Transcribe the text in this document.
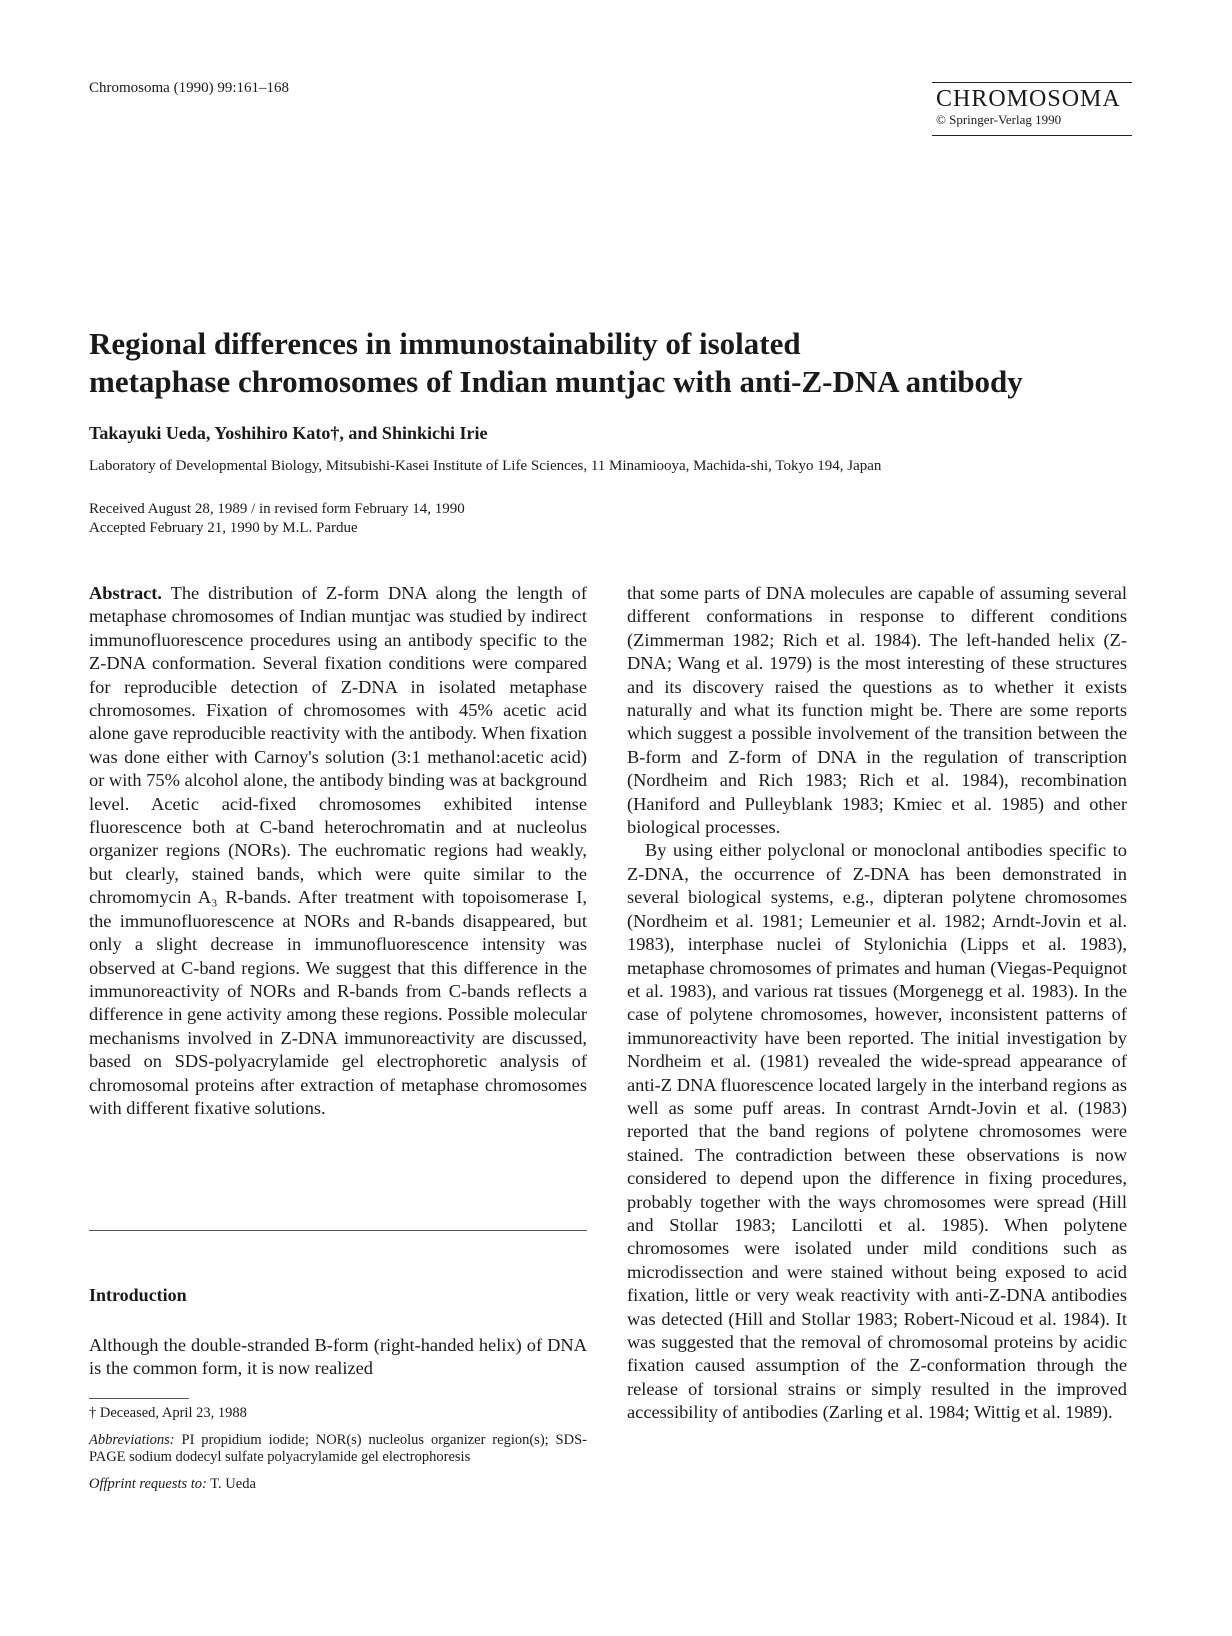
Chromosoma (1990) 99:161–168	CHROMOSOMA
© Springer-Verlag 1990
Regional differences in immunostainability of isolated
metaphase chromosomes of Indian muntjac with anti-Z-DNA antibody
Takayuki Ueda, Yoshihiro Kato†, and Shinkichi Irie
Laboratory of Developmental Biology, Mitsubishi-Kasei Institute of Life Sciences, 11 Minamiooya, Machida-shi, Tokyo 194, Japan
Received August 28, 1989 / in revised form February 14, 1990
Accepted February 21, 1990 by M.L. Pardue

Abstract. The distribution of Z-form DNA along the length of metaphase chromosomes of Indian muntjac was studied by indirect immunofluorescence procedures using an antibody specific to the Z-DNA conformation. Several fixation conditions were compared for reproducible detection of Z-DNA in isolated metaphase chromosomes. Fixation of chromosomes with 45% acetic acid alone gave reproducible reactivity with the antibody. When fixation was done either with Carnoy's solution (3:1 methanol:acetic acid) or with 75% alcohol alone, the antibody binding was at background level. Acetic acid-fixed chromosomes exhibited intense fluorescence both at C-band heterochromatin and at nucleolus organizer regions (NORs). The euchromatic regions had weakly, but clearly, stained bands, which were quite similar to the chromomycin A₃ R-bands. After treatment with topoisomerase I, the immunofluorescence at NORs and R-bands disappeared, but only a slight decrease in immunofluorescence intensity was observed at C-band regions. We suggest that this difference in the immunoreactivity of NORs and R-bands from C-bands reflects a difference in gene activity among these regions. Possible molecular mechanisms involved in Z-DNA immunoreactivity are discussed, based on SDS-polyacrylamide gel electrophoretic analysis of chromosomal proteins after extraction of metaphase chromosomes with different fixative solutions.

Introduction

Although the double-stranded B-form (right-handed helix) of DNA is the common form, it is now realized

† Deceased, April 23, 1988

Abbreviations: PI propidium iodide; NOR(s) nucleolus organizer region(s); SDS-PAGE sodium dodecyl sulfate polyacrylamide gel electrophoresis

Offprint requests to: T. Ueda

that some parts of DNA molecules are capable of assuming several different conformations in response to different conditions (Zimmerman 1982; Rich et al. 1984). The left-handed helix (Z-DNA; Wang et al. 1979) is the most interesting of these structures and its discovery raised the questions as to whether it exists naturally and what its function might be. There are some reports which suggest a possible involvement of the transition between the B-form and Z-form of DNA in the regulation of transcription (Nordheim and Rich 1983; Rich et al. 1984), recombination (Haniford and Pulleyblank 1983; Kmiec et al. 1985) and other biological processes.

By using either polyclonal or monoclonal antibodies specific to Z-DNA, the occurrence of Z-DNA has been demonstrated in several biological systems, e.g., dipteran polytene chromosomes (Nordheim et al. 1981; Lemeunier et al. 1982; Arndt-Jovin et al. 1983), interphase nuclei of Stylonichia (Lipps et al. 1983), metaphase chromosomes of primates and human (Viegas-Pequignot et al. 1983), and various rat tissues (Morgenegg et al. 1983). In the case of polytene chromosomes, however, inconsistent patterns of immunoreactivity have been reported. The initial investigation by Nordheim et al. (1981) revealed the wide-spread appearance of anti-Z DNA fluorescence located largely in the interband regions as well as some puff areas. In contrast Arndt-Jovin et al. (1983) reported that the band regions of polytene chromosomes were stained. The contradiction between these observations is now considered to depend upon the difference in fixing procedures, probably together with the ways chromosomes were spread (Hill and Stollar 1983; Lancilotti et al. 1985). When polytene chromosomes were isolated under mild conditions such as microdissection and were stained without being exposed to acid fixation, little or very weak reactivity with anti-Z-DNA antibodies was detected (Hill and Stollar 1983; Robert-Nicoud et al. 1984). It was suggested that the removal of chromosomal proteins by acidic fixation caused assumption of the Z-conformation through the release of torsional strains or simply resulted in the improved accessibility of antibodies (Zarling et al. 1984; Wittig et al. 1989).
